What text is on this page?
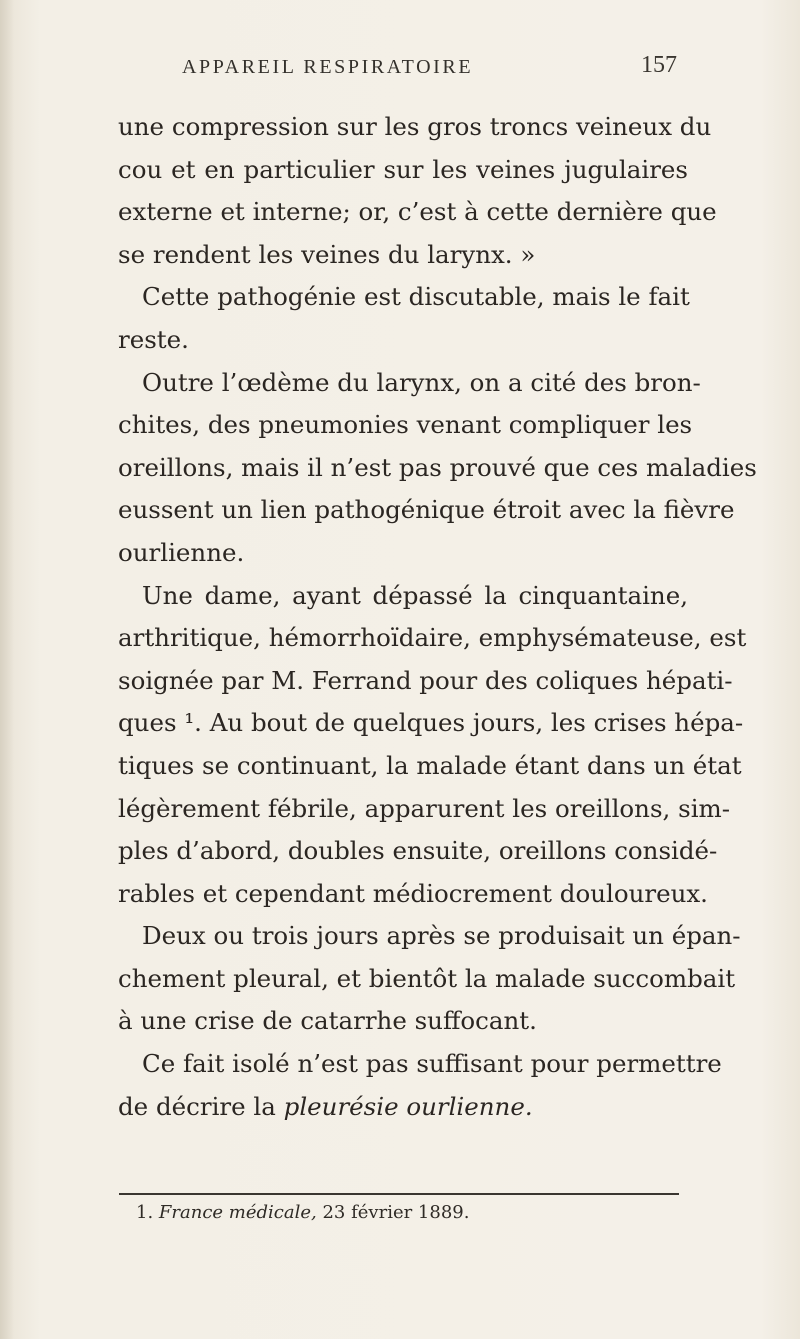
APPAREIL RESPIRATOIRE	157
une compression sur les gros troncs veineux du
cou et en particulier sur les veines jugulaires
externe et interne; or, c’est à cette dernière que
se rendent les veines du larynx. »
Cette pathogénie est discutable, mais le fait
reste.
Outre l’œdème du larynx, on a cité des bron-
chites, des pneumonies venant compliquer les
oreillons, mais il n’est pas prouvé que ces maladies
eussent un lien pathogénique étroit avec la fièvre
ourlienne.
Une dame, ayant dépassé la cinquantaine,
arthritique, hémorrhoïdaire, emphysémateuse, est
soignée par M. Ferrand pour des coliques hépati-
ques ¹. Au bout de quelques jours, les crises hépa-
tiques se continuant, la malade étant dans un état
légèrement fébrile, apparurent les oreillons, sim-
ples d’abord, doubles ensuite, oreillons considé-
rables et cependant médiocrement douloureux.
Deux ou trois jours après se produisait un épan-
chement pleural, et bientôt la malade succombait
à une crise de catarrhe suffocant.
Ce fait isolé n’est pas suffisant pour permettre
de décrire la pleurésie ourlienne.
1. France médicale, 23 février 1889.
